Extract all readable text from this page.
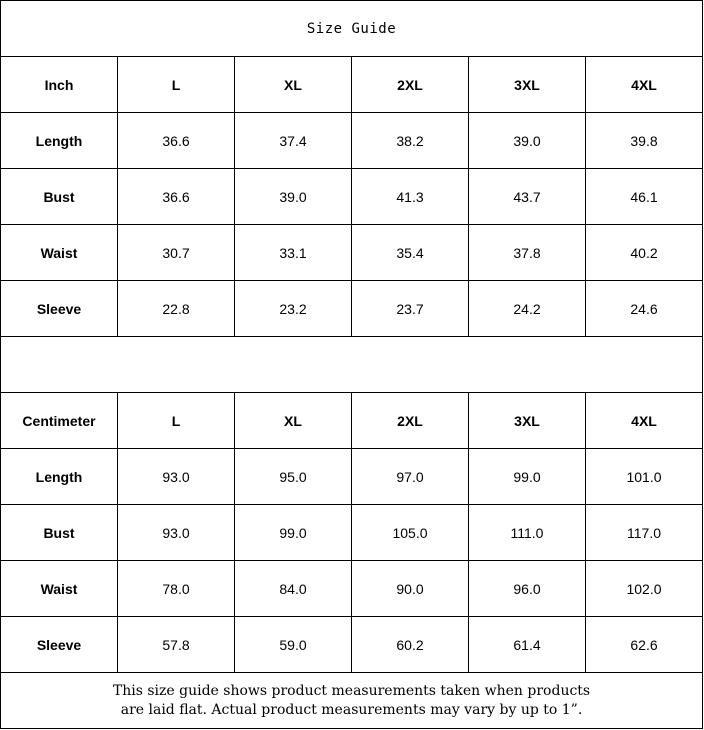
Size Guide					
Inch	L	XL	2XL	3XL	4XL
Length	36.6	37.4	38.2	39.0	39.8
Bust	36.6	39.0	41.3	43.7	46.1
Waist	30.7	33.1	35.4	37.8	40.2
Sleeve	22.8	23.2	23.7	24.2	24.6

Centimeter	L	XL	2XL	3XL	4XL
Length	93.0	95.0	97.0	99.0	101.0
Bust	93.0	99.0	105.0	111.0	117.0
Waist	78.0	84.0	90.0	96.0	102.0
Sleeve	57.8	59.0	60.2	61.4	62.6

This size guide shows product measurements taken when products
are laid flat. Actual product measurements may vary by up to 1”.					
